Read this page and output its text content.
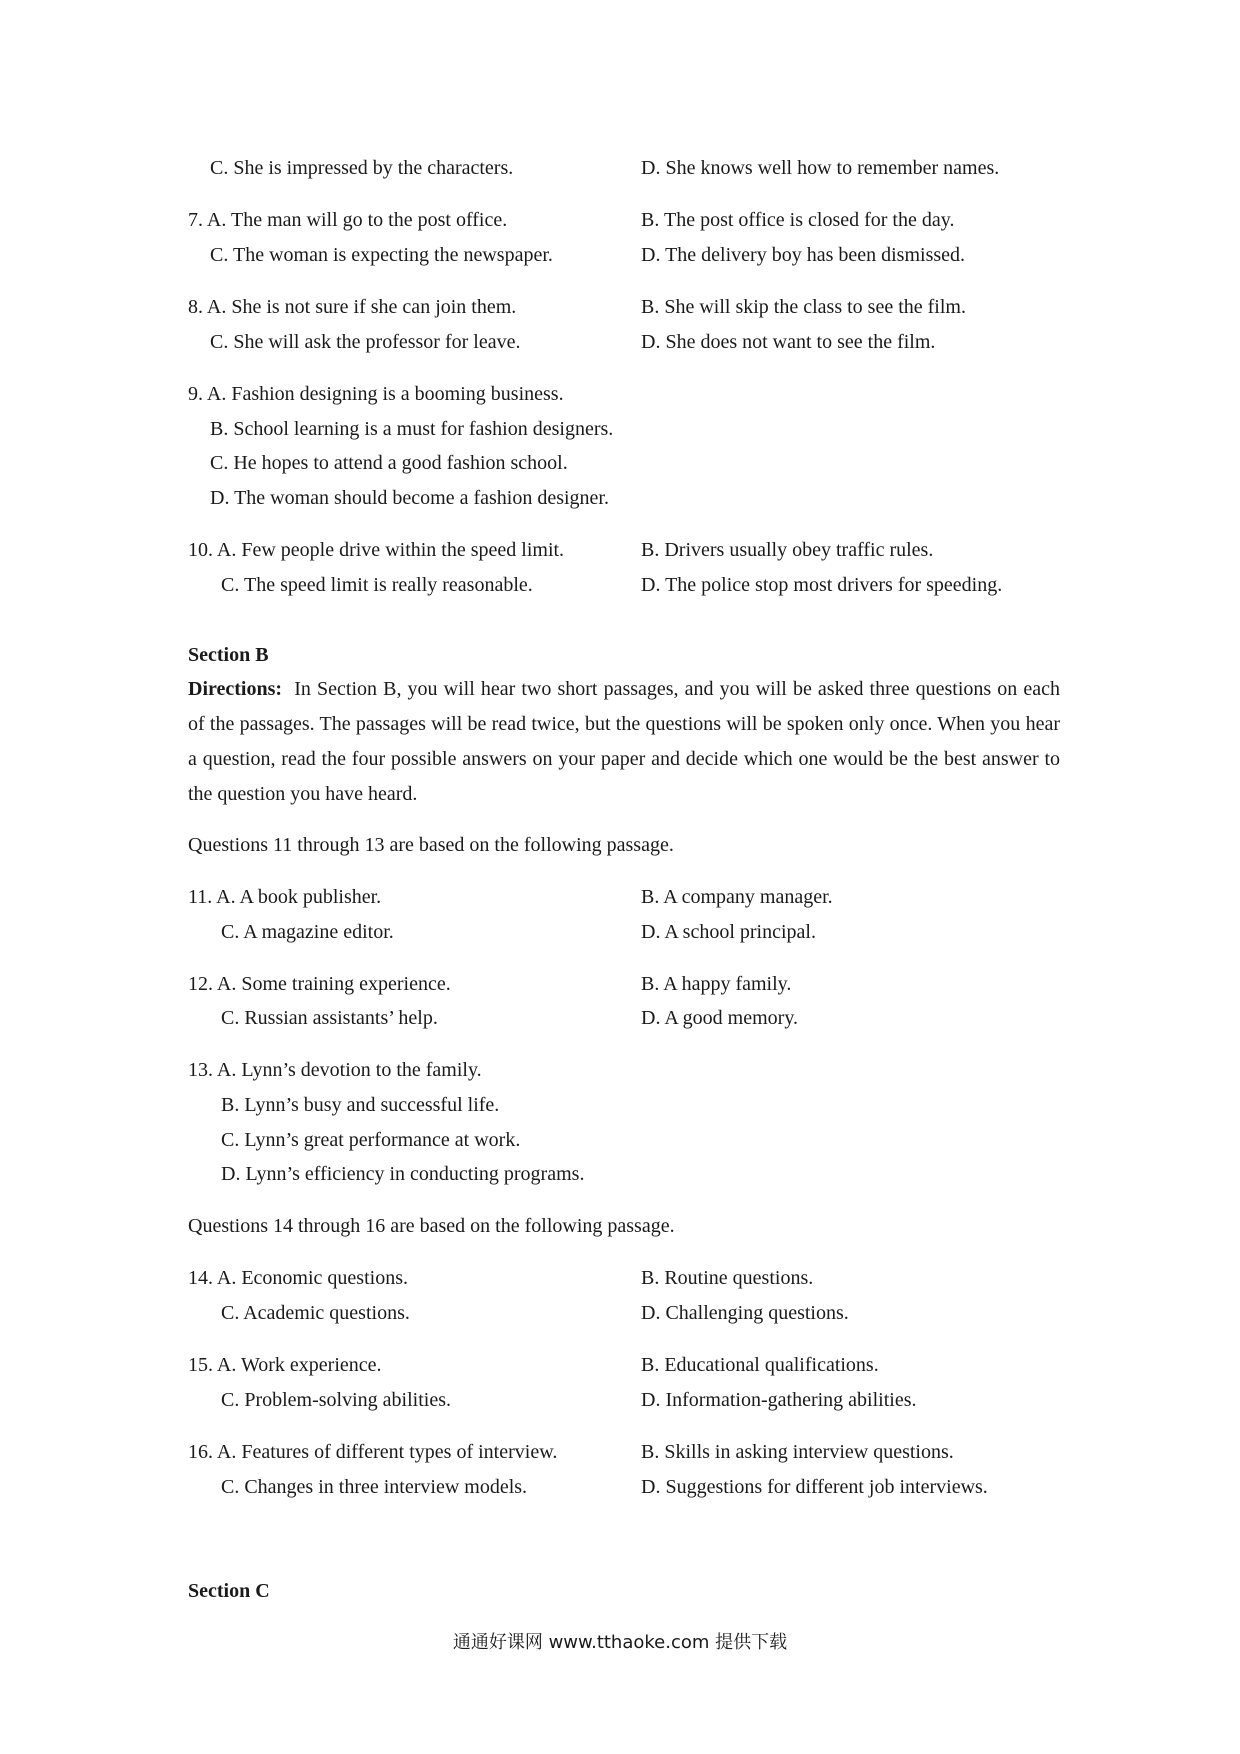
C. She is impressed by the characters.	D. She knows well how to remember names.
7. A. The man will go to the post office.	B. The post office is closed for the day.
C. The woman is expecting the newspaper.	D. The delivery boy has been dismissed.
8. A. She is not sure if she can join them.	B. She will skip the class to see the film.
C. She will ask the professor for leave.	D. She does not want to see the film.
9. A. Fashion designing is a booming business.
B. School learning is a must for fashion designers.
C. He hopes to attend a good fashion school.
D. The woman should become a fashion designer.
10. A. Few people drive within the speed limit.	B. Drivers usually obey traffic rules.
C. The speed limit is really reasonable.	D. The police stop most drivers for speeding.
Section B

Directions: In Section B, you will hear two short passages, and you will be asked three questions on each of the passages. The passages will be read twice, but the questions will be spoken only once. When you hear a question, read the four possible answers on your paper and decide which one would be the best answer to the question you have heard.

Questions 11 through 13 are based on the following passage.
11. A. A book publisher.	B. A company manager.
C. A magazine editor.	D. A school principal.
12. A. Some training experience.	B. A happy family.
C. Russian assistants’ help.	D. A good memory.
13. A. Lynn’s devotion to the family.
B. Lynn’s busy and successful life.
C. Lynn’s great performance at work.
D. Lynn’s efficiency in conducting programs.
Questions 14 through 16 are based on the following passage.
14. A. Economic questions.	B. Routine questions.
C. Academic questions.	D. Challenging questions.
15. A. Work experience.	B. Educational qualifications.
C. Problem-solving abilities.	D. Information-gathering abilities.
16. A. Features of different types of interview.	B. Skills in asking interview questions.
C. Changes in three interview models.	D. Suggestions for different job interviews.
Section C
通通好课网 www.tthaoke.com 提供下载
